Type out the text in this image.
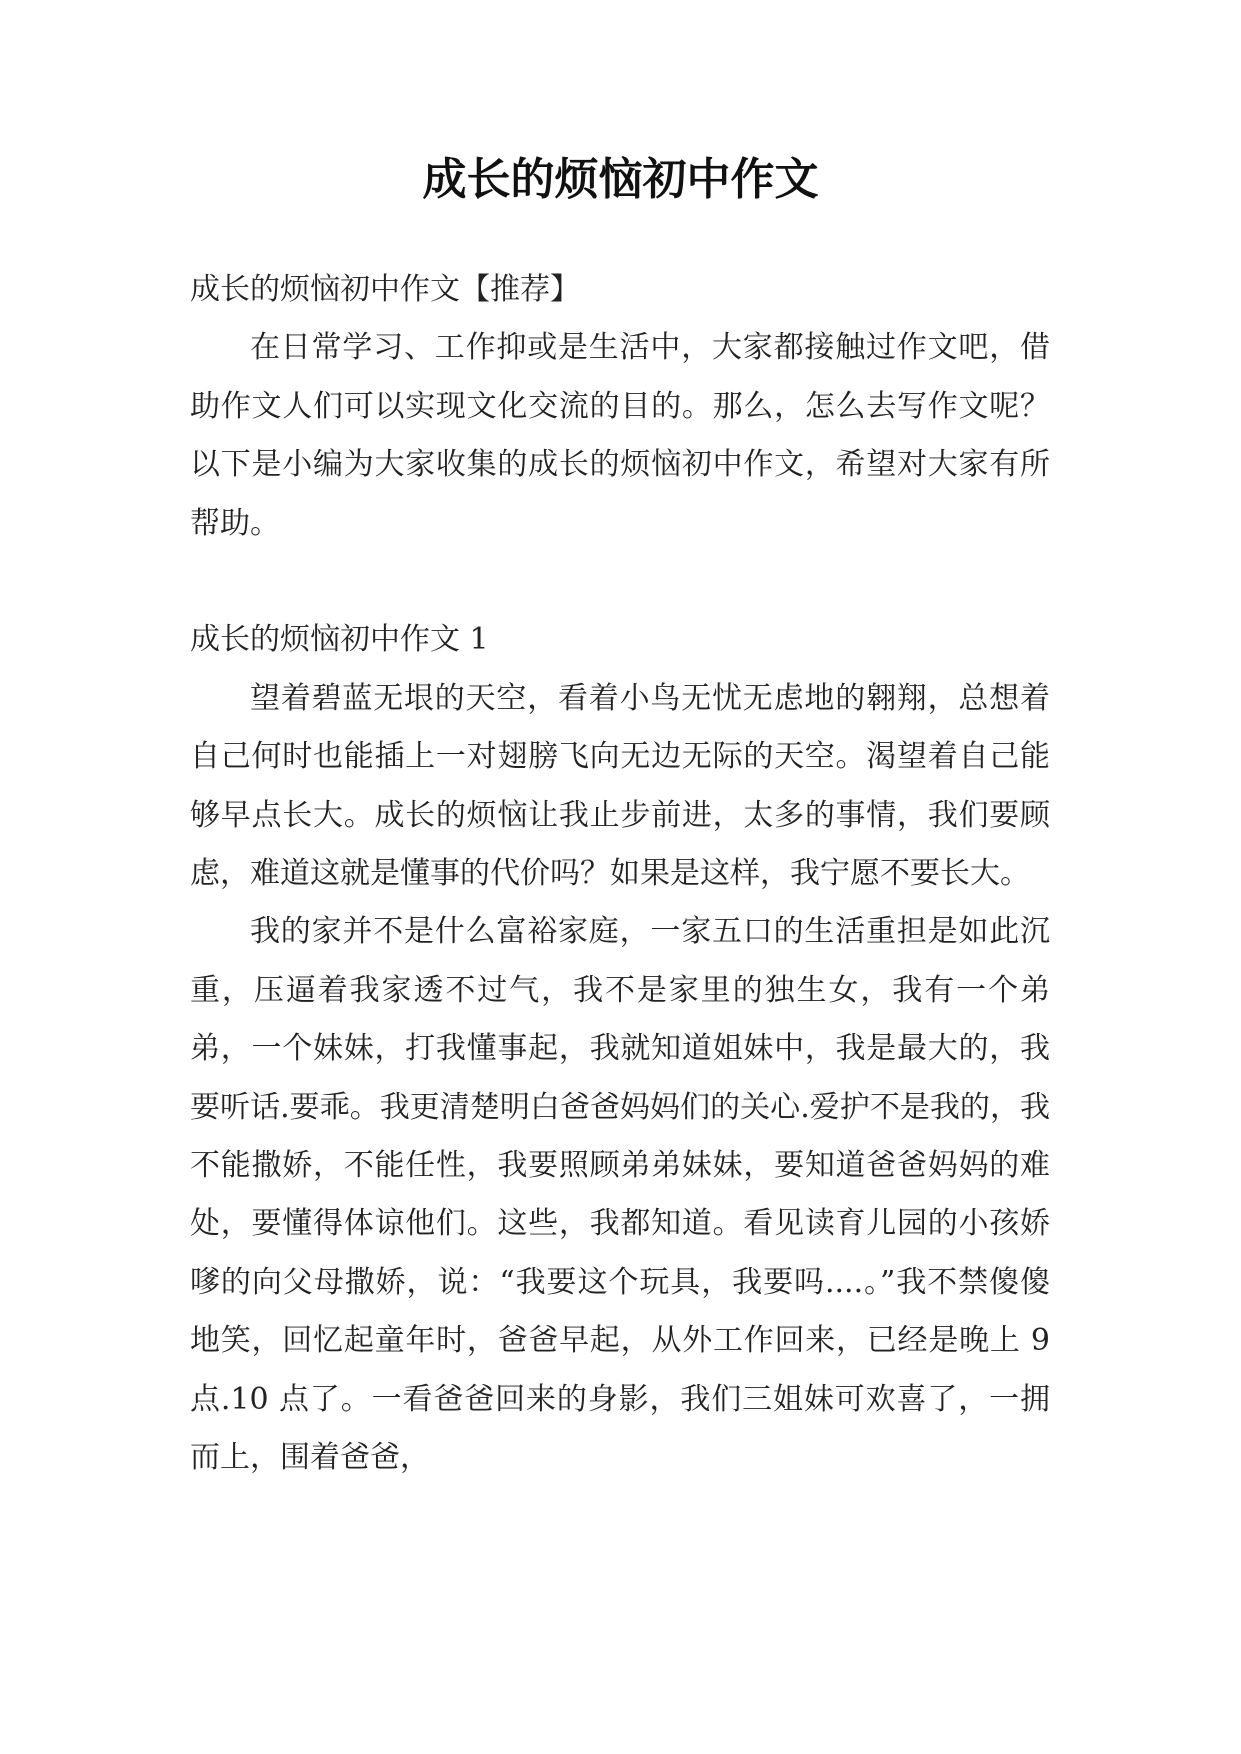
成长的烦恼初中作文

成长的烦恼初中作文【推荐】

在日常学习、工作抑或是生活中，大家都接触过作文吧，借助作文人们可以实现文化交流的目的。那么，怎么去写作文呢？以下是小编为大家收集的成长的烦恼初中作文，希望对大家有所帮助。

成长的烦恼初中作文 1

望着碧蓝无垠的天空，看着小鸟无忧无虑地的翱翔，总想着自己何时也能插上一对翅膀飞向无边无际的天空。渴望着自己能够早点长大。成长的烦恼让我止步前进，太多的事情，我们要顾虑，难道这就是懂事的代价吗？如果是这样，我宁愿不要长大。

我的家并不是什么富裕家庭，一家五口的生活重担是如此沉重，压逼着我家透不过气，我不是家里的独生女，我有一个弟弟，一个妹妹，打我懂事起，我就知道姐妹中，我是最大的，我要听话.要乖。我更清楚明白爸爸妈妈们的关心.爱护不是我的，我不能撒娇，不能任性，我要照顾弟弟妹妹，要知道爸爸妈妈的难处，要懂得体谅他们。这些，我都知道。看见读育儿园的小孩娇嗲的向父母撒娇，说：“我要这个玩具，我要吗....。”我不禁傻傻地笑，回忆起童年时，爸爸早起，从外工作回来，已经是晚上 9 点.10 点了。一看爸爸回来的身影，我们三姐妹可欢喜了，一拥而上，围着爸爸，
